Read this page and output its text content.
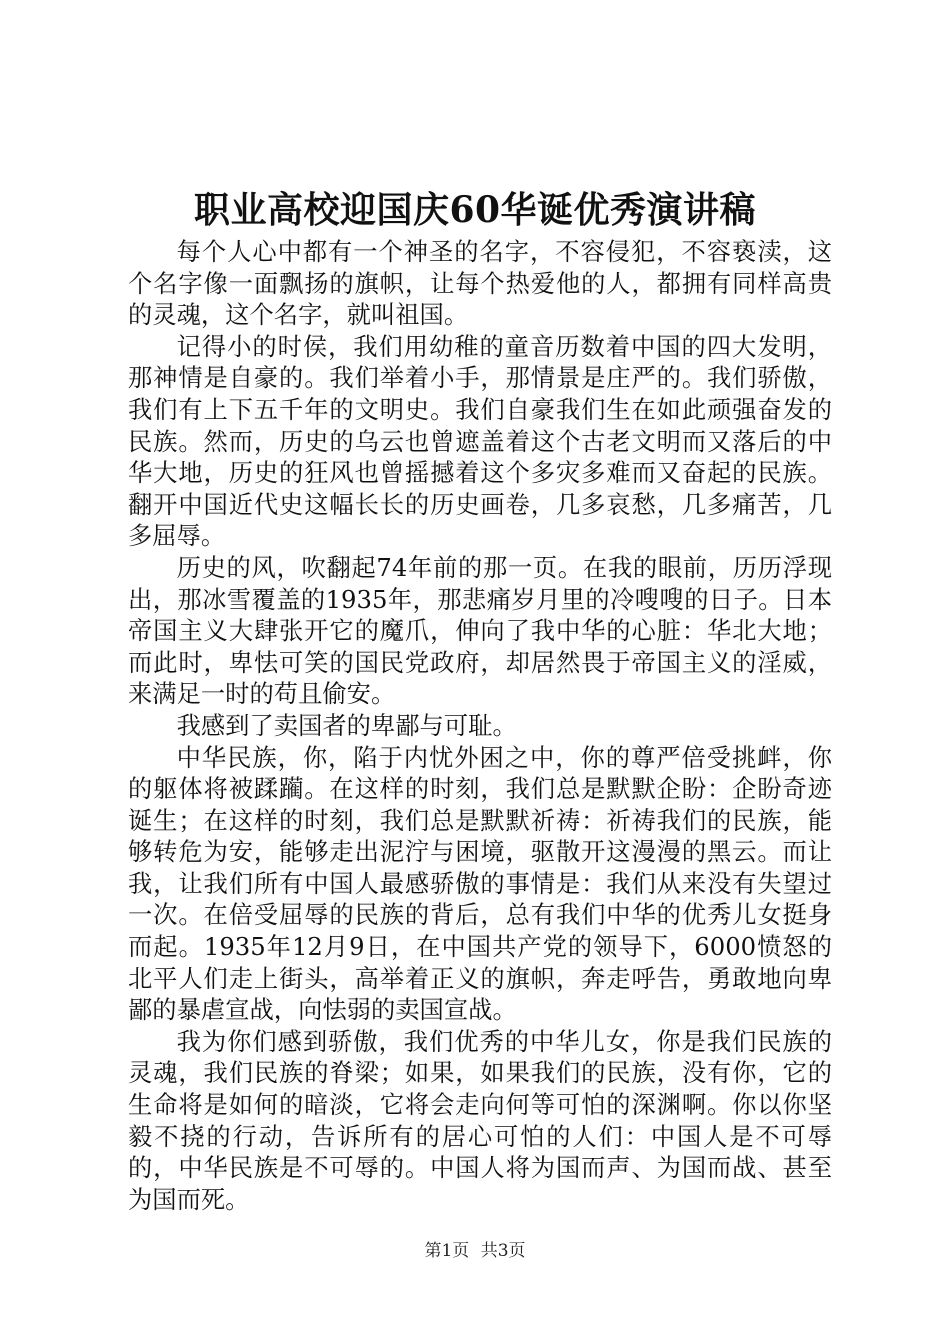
职业高校迎国庆60华诞优秀演讲稿

每个人心中都有一个神圣的名字，不容侵犯，不容亵渎，这个名字像一面飘扬的旗帜，让每个热爱他的人，都拥有同样高贵的灵魂，这个名字，就叫祖国。

记得小的时侯，我们用幼稚的童音历数着中国的四大发明，那神情是自豪的。我们举着小手，那情景是庄严的。我们骄傲，我们有上下五千年的文明史。我们自豪我们生在如此顽强奋发的民族。然而，历史的乌云也曾遮盖着这个古老文明而又落后的中华大地，历史的狂风也曾摇撼着这个多灾多难而又奋起的民族。翻开中国近代史这幅长长的历史画卷，几多哀愁，几多痛苦，几多屈辱。

历史的风，吹翻起74年前的那一页。在我的眼前，历历浮现出，那冰雪覆盖的1935年，那悲痛岁月里的冷嗖嗖的日子。日本帝国主义大肆张开它的魔爪，伸向了我中华的心脏：华北大地；而此时，卑怯可笑的国民党政府，却居然畏于帝国主义的淫威，来满足一时的苟且偷安。

我感到了卖国者的卑鄙与可耻。

中华民族，你，陷于内忧外困之中，你的尊严倍受挑衅，你的躯体将被蹂躏。在这样的时刻，我们总是默默企盼：企盼奇迹诞生；在这样的时刻，我们总是默默祈祷：祈祷我们的民族，能够转危为安，能够走出泥泞与困境，驱散开这漫漫的黑云。而让我，让我们所有中国人最感骄傲的事情是：我们从来没有失望过一次。在倍受屈辱的民族的背后，总有我们中华的优秀儿女挺身而起。1935年12月9日，在中国共产党的领导下，6000愤怒的北平人们走上街头，高举着正义的旗帜，奔走呼告，勇敢地向卑鄙的暴虐宣战，向怯弱的卖国宣战。

我为你们感到骄傲，我们优秀的中华儿女，你是我们民族的灵魂，我们民族的脊梁；如果，如果我们的民族，没有你，它的生命将是如何的暗淡，它将会走向何等可怕的深渊啊。你以你坚毅不挠的行动，告诉所有的居心可怕的人们：中国人是不可辱的，中华民族是不可辱的。中国人将为国而声、为国而战、甚至为国而死。

第1页 共3页
